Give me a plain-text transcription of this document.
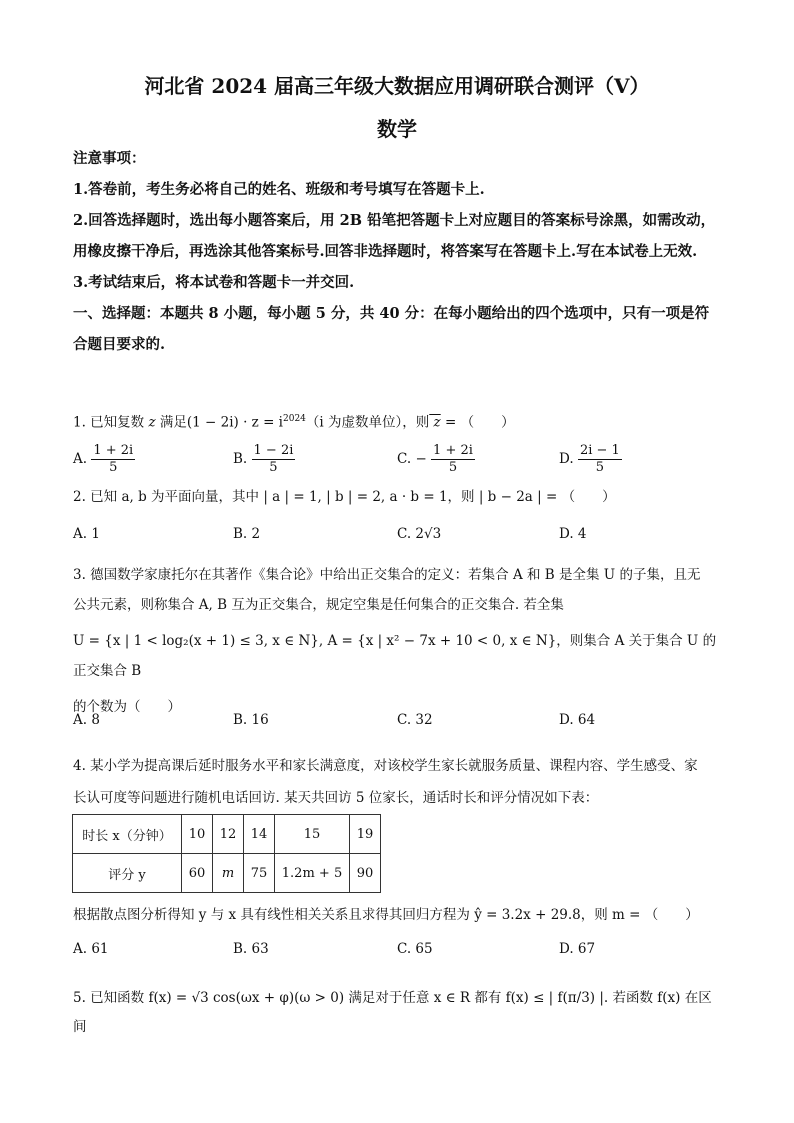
河北省 2024 届高三年级大数据应用调研联合测评（V）
数学

注意事项：

1.答卷前，考生务必将自己的姓名、班级和考号填写在答题卡上.

2.回答选择题时，选出每小题答案后，用 2B 铅笔把答题卡上对应题目的答案标号涂黑，如需改动，用橡皮擦干净后，再选涂其他答案标号.回答非选择题时，将答案写在答题卡上.写在本试卷上无效.

3.考试结束后，将本试卷和答题卡一并交回.

一、选择题：本题共 8 小题，每小题 5 分，共 40 分：在每小题给出的四个选项中，只有一项是符合题目要求的.

1. 已知复数 z 满足$(1 - 2i) \cdot z = i^{2024}(i$ 为虚数单位），则 z = （　　）

A. $\frac{1 + 2i}{5}$	B. $\frac{1 - 2i}{5}$	C. − $\frac{1 + 2i}{5}$	D. $\frac{2i - 1}{5}$

2. 已知 a, b 为平面向量，其中 | a | = 1, | b | = 2, a · b = 1，则 | b − 2a | = （　　）

A. 1	B. 2	C. 2√3	D. 4

3. 德国数学家康托尔在其著作《集合论》中给出正交集合的定义：若集合 A 和 B 是全集 U 的子集，且无

公共元素，则称集合 A, B 互为正交集合，规定空集是任何集合的正交集合. 若全集

U = {x | 1 < log₂(x + 1) ≤ 3, x ∈ N}, A = {x | x² − 7x + 10 < 0, x ∈ N}，则集合 A 关于集合 U 的正交集合 B

的个数为（　　）

A. 8	B. 16	C. 32	D. 64

4. 某小学为提高课后延时服务水平和家长满意度，对该校学生家长就服务质量、课程内容、学生感受、家

长认可度等问题进行随机电话回访. 某天共回访 5 位家长，通话时长和评分情况如下表：

时长 x（分钟）	10	12	14	15	19
评分 y	60	m	75	1.2m + 5	90

根据散点图分析得知 y 与 x 具有线性相关关系且求得其回归方程为 ŷ = 3.2x + 29.8，则 m = （　　）

A. 61	B. 63	C. 65	D. 67

5. 已知函数 f(x) = √3 cos(ωx + φ)(ω > 0) 满足对于任意 x ∈ R 都有 f(x) ≤ | f(π/3) |. 若函数 f(x) 在区间
